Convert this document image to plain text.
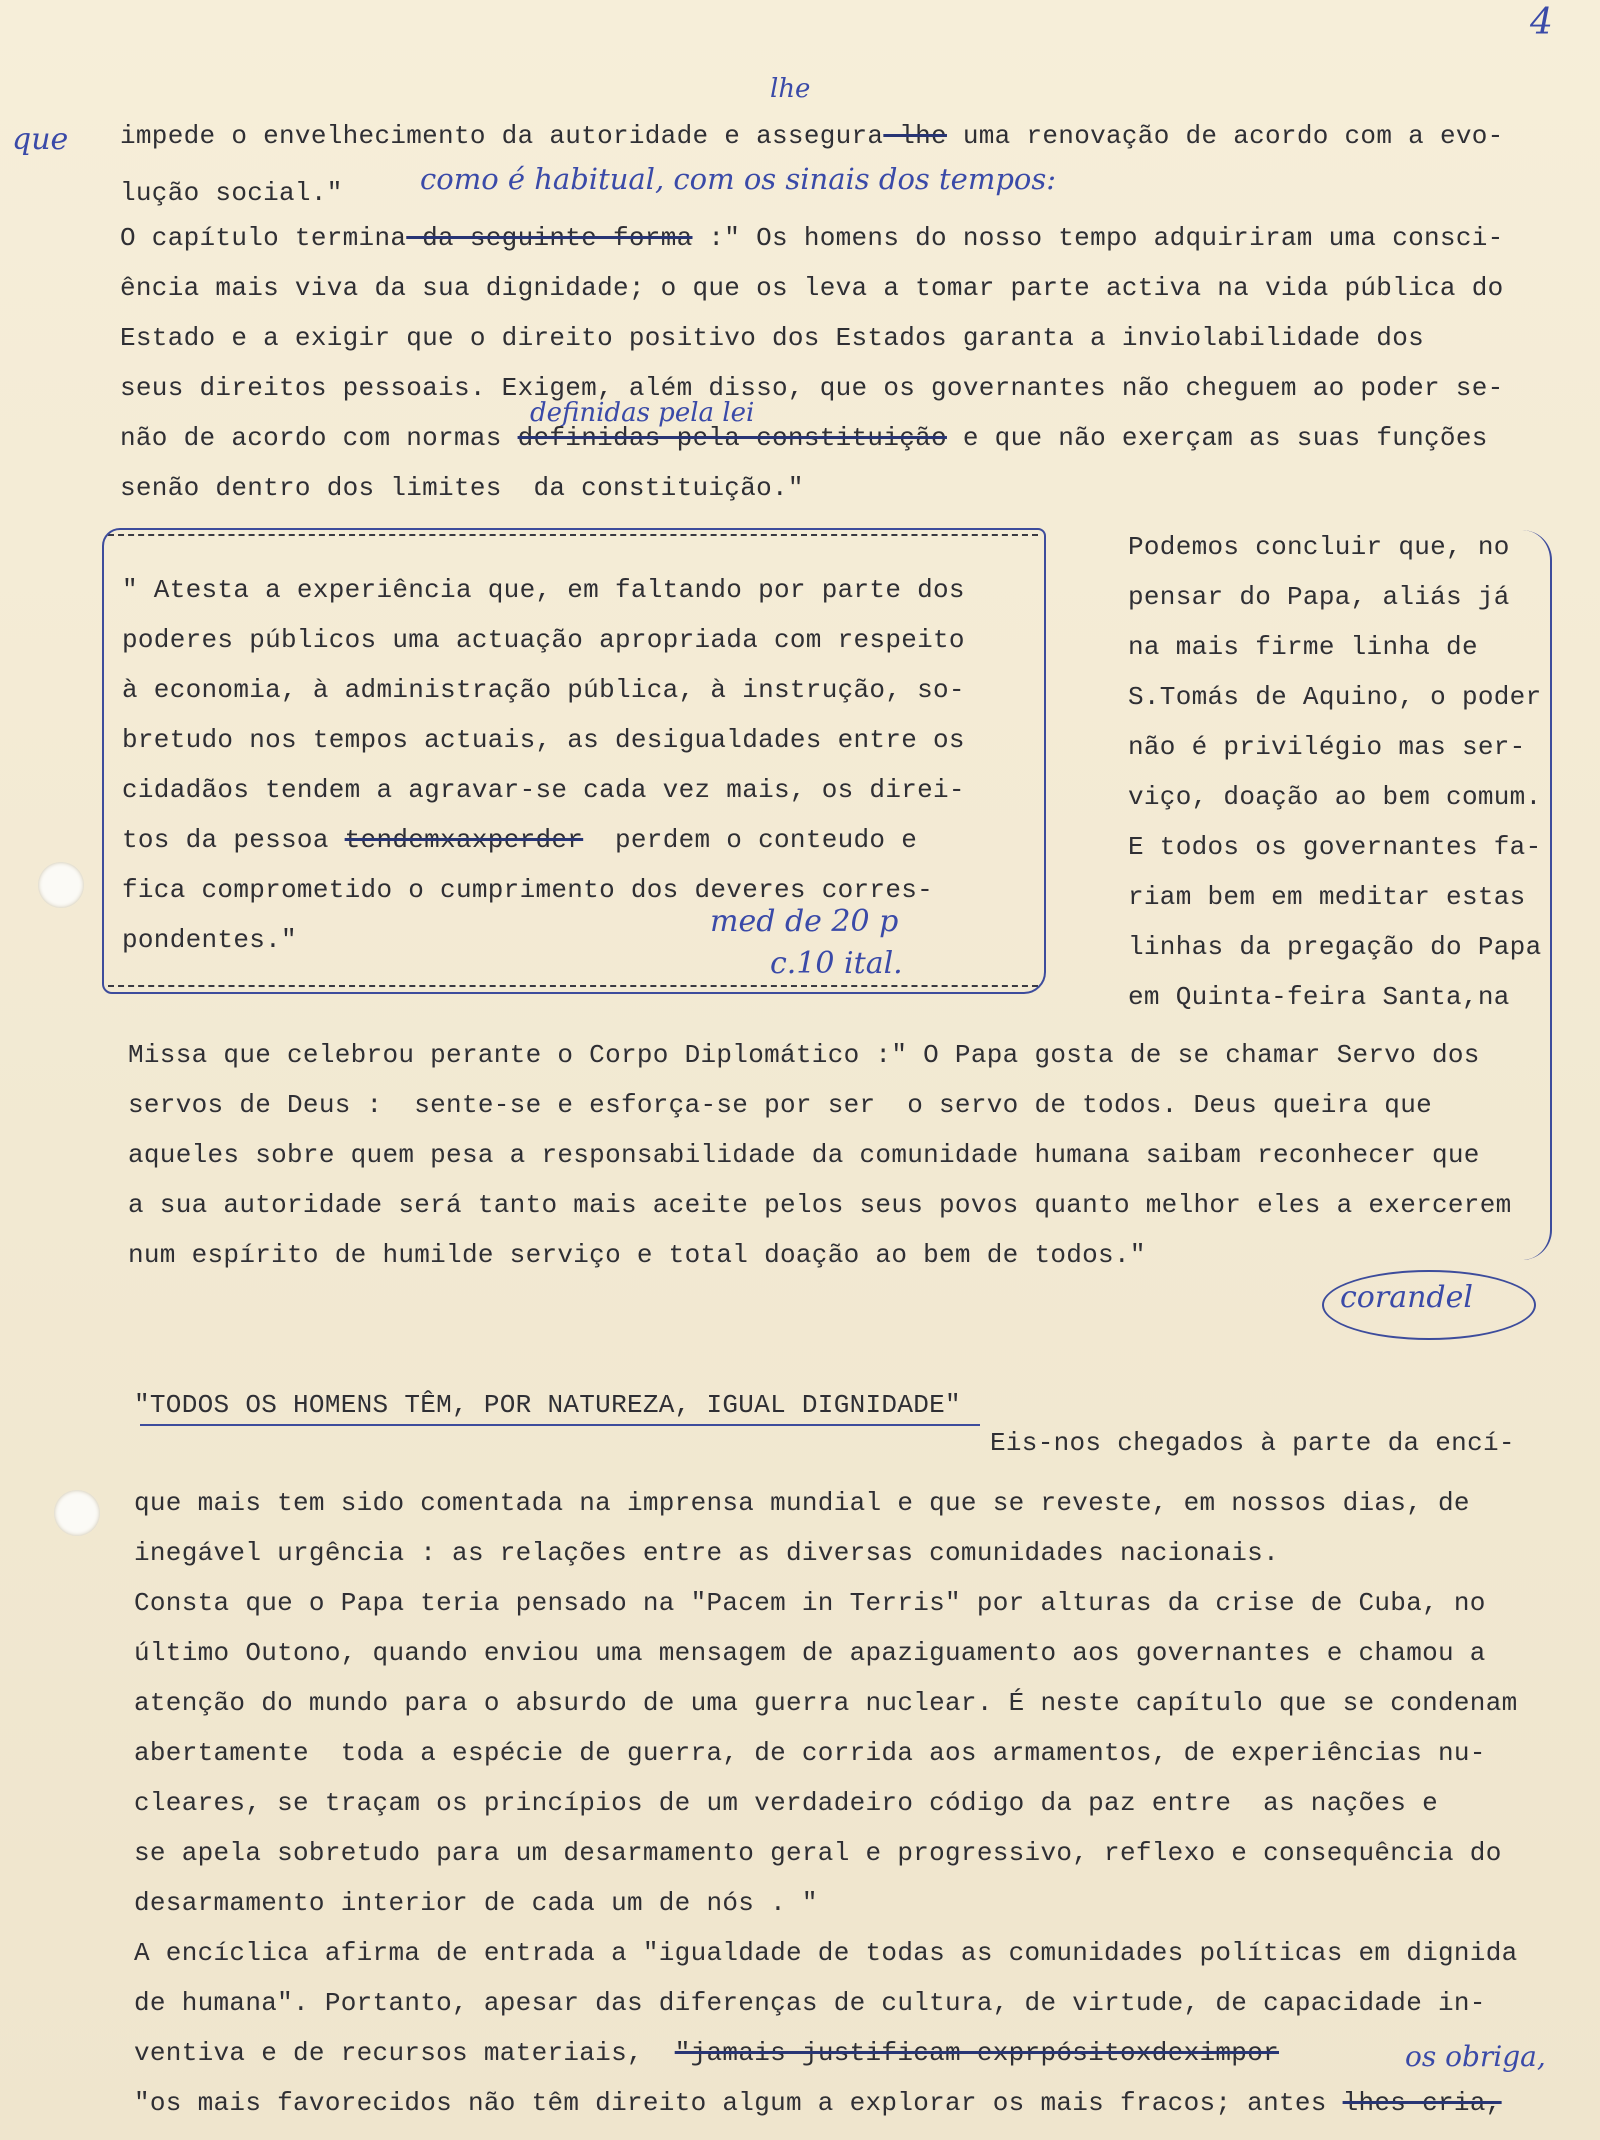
4
que
lhe
impede o envelhecimento da autoridade e assegura-lhe uma renovação de acordo com a evo-
lução social."	como é habitual, com os sinais dos tempos:
O capítulo termina da seguinte forma :" Os homens do nosso tempo adquiriram uma consci-
ência mais viva da sua dignidade; o que os leva a tomar parte activa na vida pública do
Estado e a exigir que o direito positivo dos Estados garanta a inviolabilidade dos
seus direitos pessoais. Exigem, além disso, que os governantes não cheguem ao poder se-
definidas pela lei
não de acordo com normas definidas pela constituição e que não exerçam as suas funções
senão dentro dos limites  da constituição."
" Atesta a experiência que, em faltando por parte dos
poderes públicos uma actuação apropriada com respeito
à economia, à administração pública, à instrução, so-
bretudo nos tempos actuais, as desigualdades entre os
cidadãos tendem a agravar-se cada vez mais, os direi-
tos da pessoa tendemxaxperder  perdem o conteudo e
fica comprometido o cumprimento dos deveres corres-
pondentes."
med de 20 p
c.10 ital.
Podemos concluir que, no
pensar do Papa, aliás já
na mais firme linha de
S.Tomás de Aquino, o poder
não é privilégio mas ser-
viço, doação ao bem comum.
E todos os governantes fa-
riam bem em meditar estas
linhas da pregação do Papa
em Quinta-feira Santa,na
Missa que celebrou perante o Corpo Diplomático :" O Papa gosta de se chamar Servo dos
servos de Deus :  sente-se e esforça-se por ser  o servo de todos. Deus queira que
aqueles sobre quem pesa a responsabilidade da comunidade humana saibam reconhecer que
a sua autoridade será tanto mais aceite pelos seus povos quanto melhor eles a exercerem
num espírito de humilde serviço e total doação ao bem de todos."
corandel
"TODOS OS HOMENS TÊM, POR NATUREZA, IGUAL DIGNIDADE"
Eis-nos chegados à parte da encí-
que mais tem sido comentada na imprensa mundial e que se reveste, em nossos dias, de
inegável urgência : as relações entre as diversas comunidades nacionais.
Consta que o Papa teria pensado na "Pacem in Terris" por alturas da crise de Cuba, no
último Outono, quando enviou uma mensagem de apaziguamento aos governantes e chamou a
atenção do mundo para o absurdo de uma guerra nuclear. É neste capítulo que se condenam
abertamente  toda a espécie de guerra, de corrida aos armamentos, de experiências nu-
cleares, se traçam os princípios de um verdadeiro código da paz entre  as nações e
se apela sobretudo para um desarmamento geral e progressivo, reflexo e consequência do
desarmamento interior de cada um de nós . "
A encíclica afirma de entrada a "igualdade de todas as comunidades políticas em dignida
de humana". Portanto, apesar das diferenças de cultura, de virtude, de capacidade in-
ventiva e de recursos materiais, "jamais justificam exprpósitoxdeximpor	os obriga,
"os mais favorecidos não têm direito algum a explorar os mais fracos; antes lhes cria,
